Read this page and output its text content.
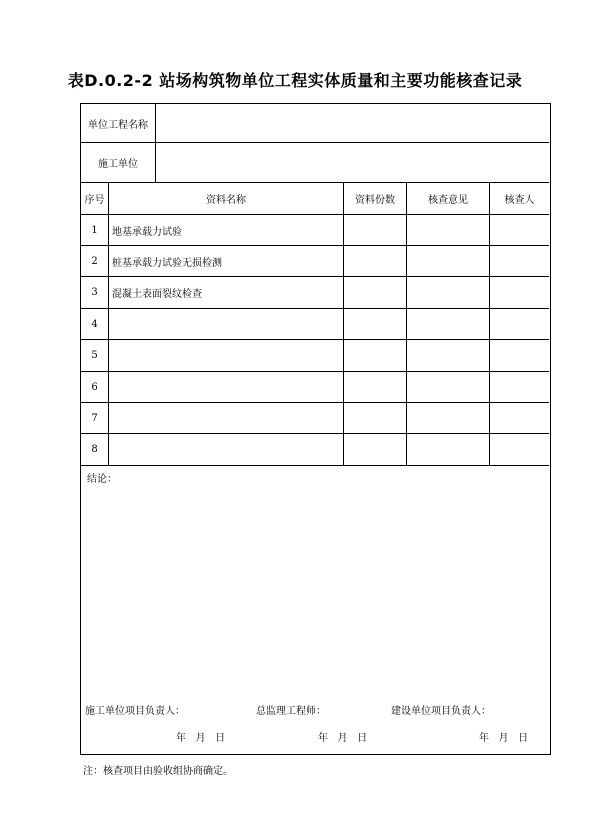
表D.0.2-2 站场构筑物单位工程实体质量和主要功能核查记录
单位工程名称
施工单位
序号	资料名称	资料份数	核查意见	核查人
1	地基承载力试验
2	桩基承载力试验无损检测
3	混凝土表面裂纹检查
4
5
6
7
8
结论：
施工单位项目负责人：	总监理工程师：	建设单位项目负责人：
年   月   日	年   月   日	年   月   日
注：核查项目由验收组协商确定。
